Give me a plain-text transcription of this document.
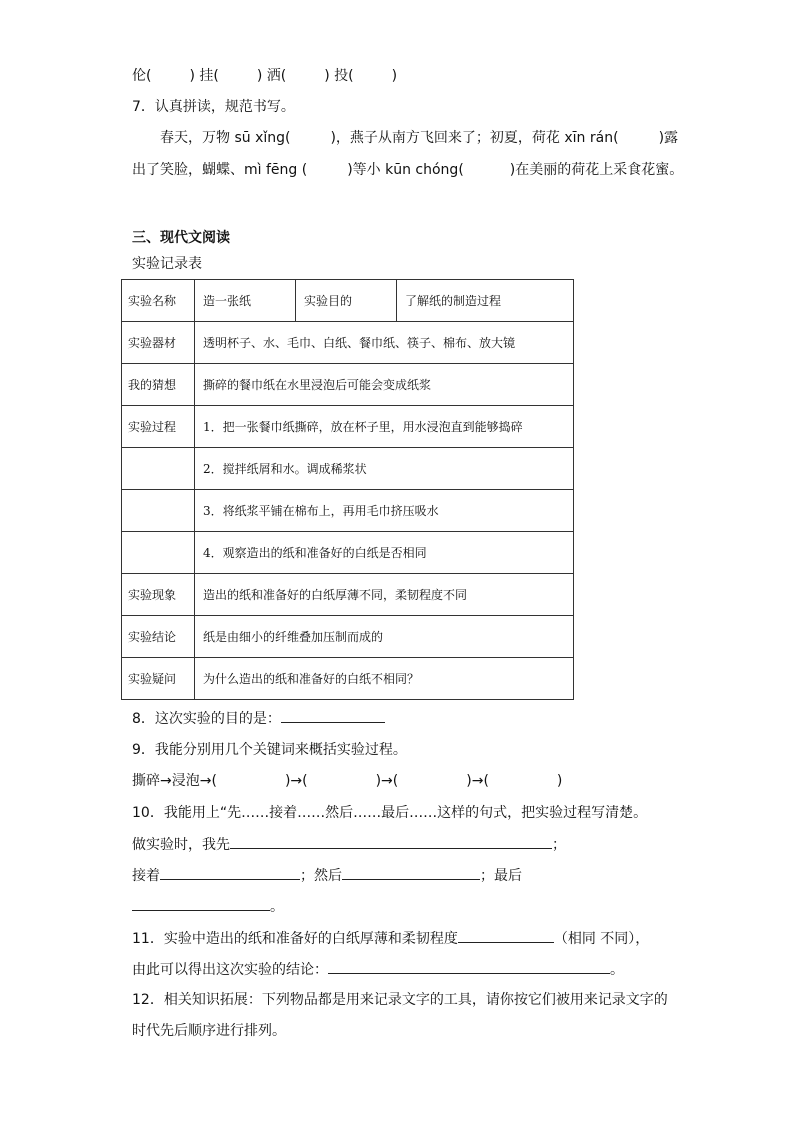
伦(	) 挂(	) 洒(	) 投(	)
7．认真拼读，规范书写。
春天，万物 sū xǐng(	)，燕子从南方飞回来了；初夏，荷花 xīn rán(	)露
出了笑脸，蝴蝶、mì fēng (	)等小 kūn chóng(	)在美丽的荷花上采食花蜜。
三、现代文阅读
实验记录表
实验名称	造一张纸	实验目的	了解纸的制造过程
实验器材	透明杯子、水、毛巾、白纸、餐巾纸、筷子、棉布、放大镜		
我的猜想	撕碎的餐巾纸在水里浸泡后可能会变成纸浆		
实验过程	1．把一张餐巾纸撕碎，放在杯子里，用水浸泡直到能够捣碎		
	2．搅拌纸屑和水。调成稀浆状		
	3．将纸浆平铺在棉布上，再用毛巾挤压吸水		
	4．观察造出的纸和准备好的白纸是否相同		
实验现象	造出的纸和准备好的白纸厚薄不同，柔韧程度不同		
实验结论	纸是由细小的纤维叠加压制而成的		
实验疑问	为什么造出的纸和准备好的白纸不相同？		
8．这次实验的目的是：
9．我能分别用几个关键词来概括实验过程。
撕碎→浸泡→(	)→(	)→(	)→(	)
10．我能用上“先……接着……然后……最后……这样的句式，把实验过程写清楚。
做实验时，我先	；
接着	；然后	；最后
。
11．实验中造出的纸和准备好的白纸厚薄和柔韧程度	（相同 不同），
由此可以得出这次实验的结论：	。
12．相关知识拓展：下列物品都是用来记录文字的工具，请你按它们被用来记录文字的
时代先后顺序进行排列。
